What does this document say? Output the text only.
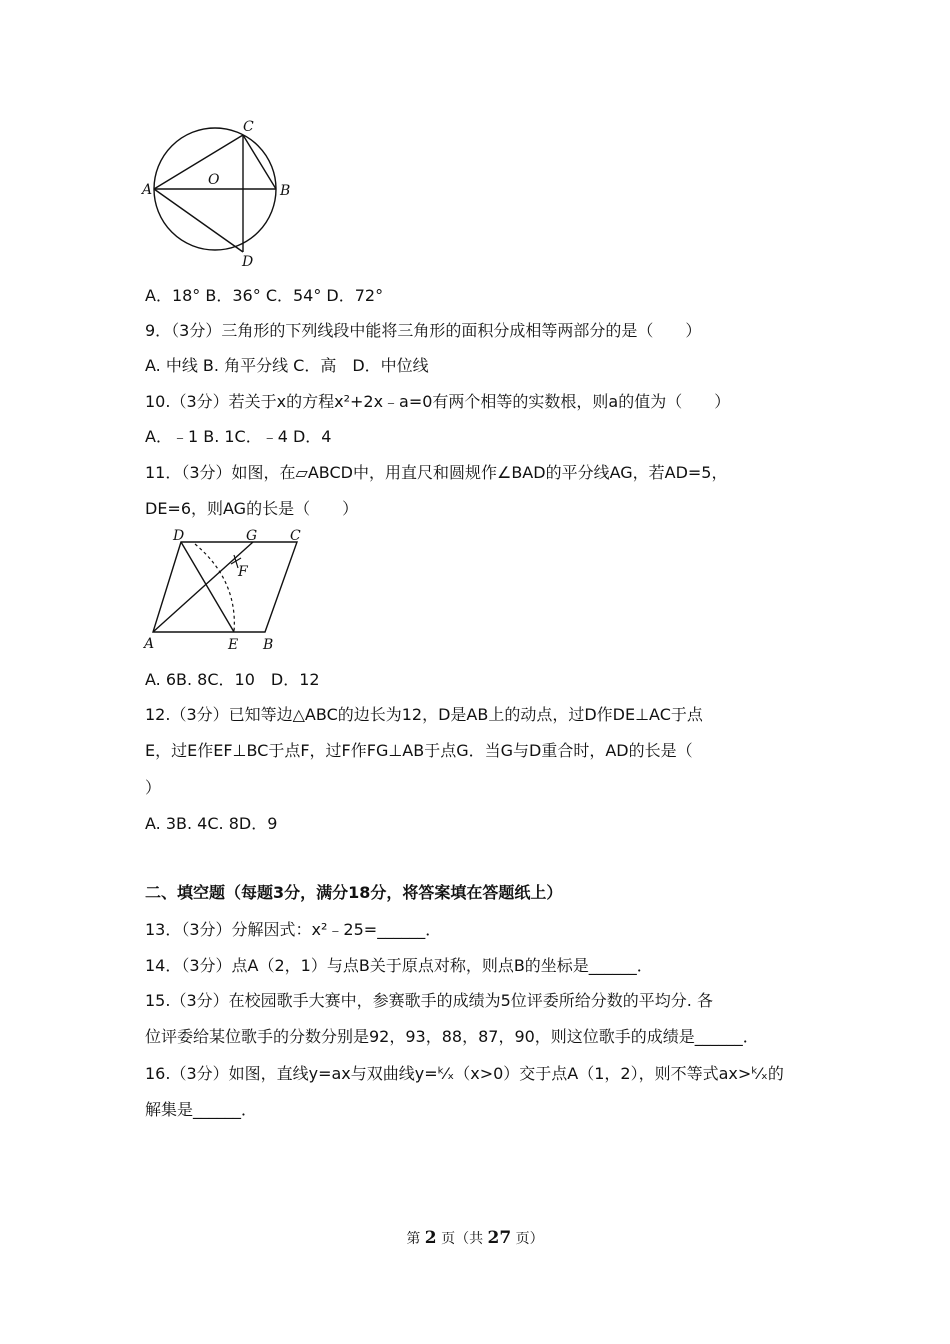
A	B
C
D
O
A．18° B．36° C．54° D．72°
9．（3分）三角形的下列线段中能将三角形的面积分成相等两部分的是（　　）
A. 中线 B. 角平分线 C．高　D．中位线
10.（3分）若关于x的方程x²+2x﹣a=0有两个相等的实数根，则a的值为（　　）
A．﹣1 B. 1C．﹣4 D．4
11．（3分）如图，在▱ABCD中，用直尺和圆规作∠BAD的平分线AG，若AD=5，
DE=6，则AG的长是（　　）
D	G C
F
A	E B
A. 6B. 8C．10　D．12
12.（3分）已知等边△ABC的边长为12，D是AB上的动点，过D作DE⊥AC于点
E，过E作EF⊥BC于点F，过F作FG⊥AB于点G．当G与D重合时，AD的长是（
）
A. 3B. 4C. 8D．9
二、填空题（每题3分，满分18分，将答案填在答题纸上）
13．（3分）分解因式：x²﹣25=______．
14．（3分）点A（2，1）与点B关于原点对称，则点B的坐标是______．
15.（3分）在校园歌手大赛中，参赛歌手的成绩为5位评委所给分数的平均分. 各
位评委给某位歌手的分数分别是92，93，88，87，90，则这位歌手的成绩是______．
16.（3分）如图，直线y=ax与双曲线y=ᵏ⁄ₓ（x>0）交于点A（1，2），则不等式ax>ᵏ⁄ₓ的
解集是______．
第 2 页（共 27 页）
